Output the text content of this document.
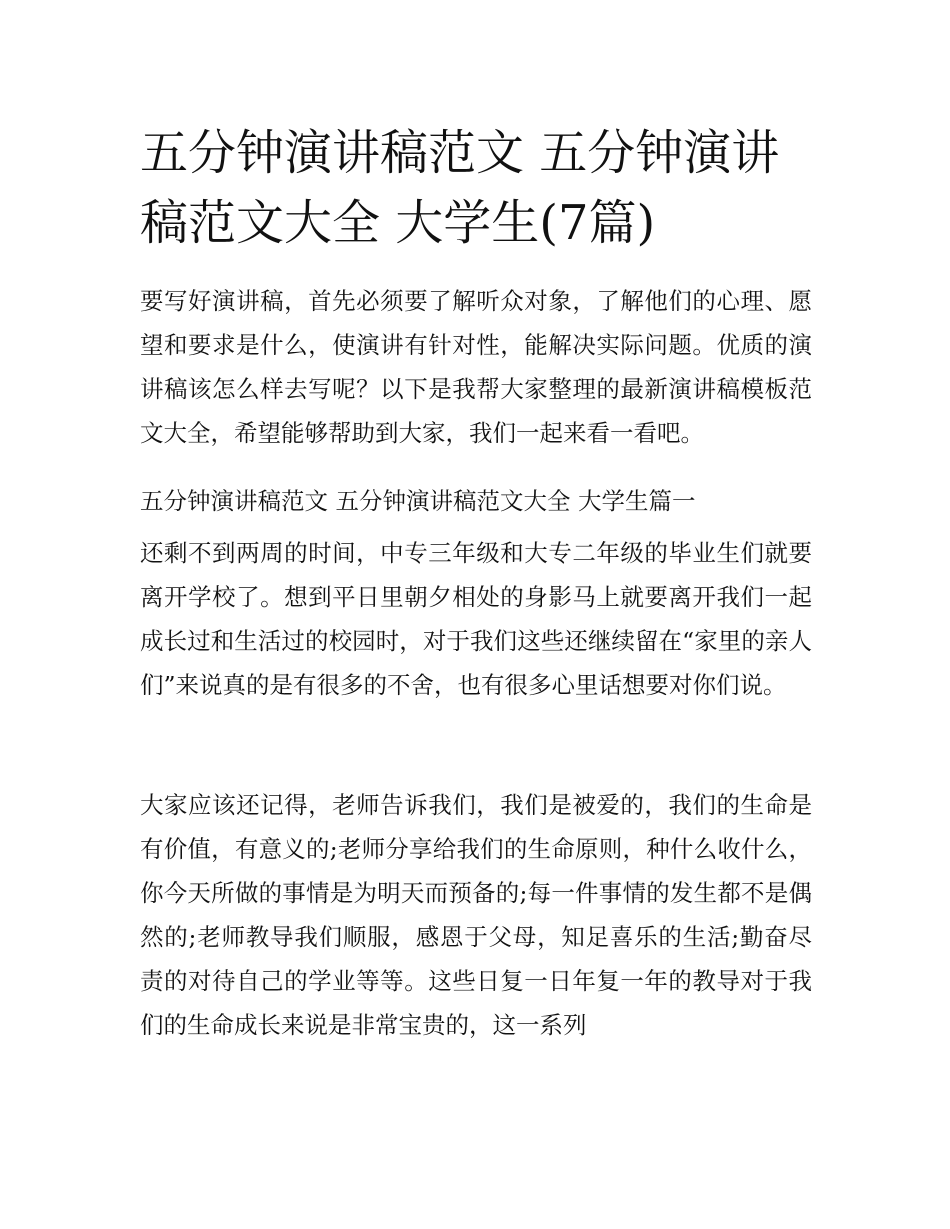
五分钟演讲稿范文 五分钟演讲稿范文大全 大学生(7篇)

要写好演讲稿，首先必须要了解听众对象，了解他们的心理、愿望和要求是什么，使演讲有针对性，能解决实际问题。优质的演讲稿该怎么样去写呢？以下是我帮大家整理的最新演讲稿模板范文大全，希望能够帮助到大家，我们一起来看一看吧。

五分钟演讲稿范文 五分钟演讲稿范文大全 大学生篇一

还剩不到两周的时间，中专三年级和大专二年级的毕业生们就要离开学校了。想到平日里朝夕相处的身影马上就要离开我们一起成长过和生活过的校园时，对于我们这些还继续留在“家里的亲人们”来说真的是有很多的不舍，也有很多心里话想要对你们说。

大家应该还记得，老师告诉我们，我们是被爱的，我们的生命是有价值，有意义的;老师分享给我们的生命原则，种什么收什么，你今天所做的事情是为明天而预备的;每一件事情的发生都不是偶然的;老师教导我们顺服，感恩于父母，知足喜乐的生活;勤奋尽责的对待自己的学业等等。这些日复一日年复一年的教导对于我们的生命成长来说是非常宝贵的，这一系列
